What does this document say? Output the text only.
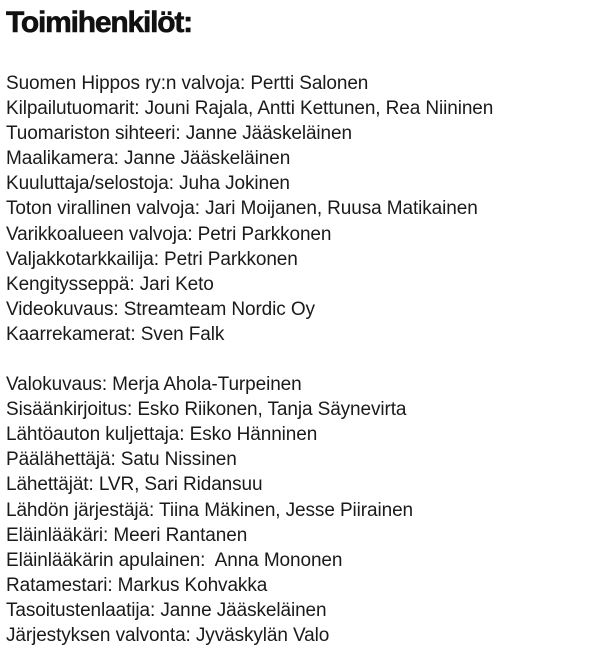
Toimihenkilöt:
Suomen Hippos ry:n valvoja: Pertti Salonen
Kilpailutuomarit: Jouni Rajala, Antti Kettunen, Rea Niininen
Tuomariston sihteeri: Janne Jääskeläinen
Maalikamera: Janne Jääskeläinen
Kuuluttaja/selostoja: Juha Jokinen
Toton virallinen valvoja: Jari Moijanen, Ruusa Matikainen
Varikkoalueen valvoja: Petri Parkkonen
Valjakkotarkkailija: Petri Parkkonen
Kengitysseppä: Jari Keto
Videokuvaus: Streamteam Nordic Oy
Kaarrekamerat: Sven Falk
Valokuvaus: Merja Ahola-Turpeinen
Sisäänkirjoitus: Esko Riikonen, Tanja Säynevirta
Lähtöauton kuljettaja: Esko Hänninen
Päälähettäjä: Satu Nissinen
Lähettäjät: LVR, Sari Ridansuu
Lähdön järjestäjä: Tiina Mäkinen, Jesse Piirainen
Eläinlääkäri: Meeri Rantanen
Eläinlääkärin apulainen:  Anna Mononen
Ratamestari: Markus Kohvakka
Tasoitustenlaatija: Janne Jääskeläinen
Järjestyksen valvonta: Jyväskylän Valo
